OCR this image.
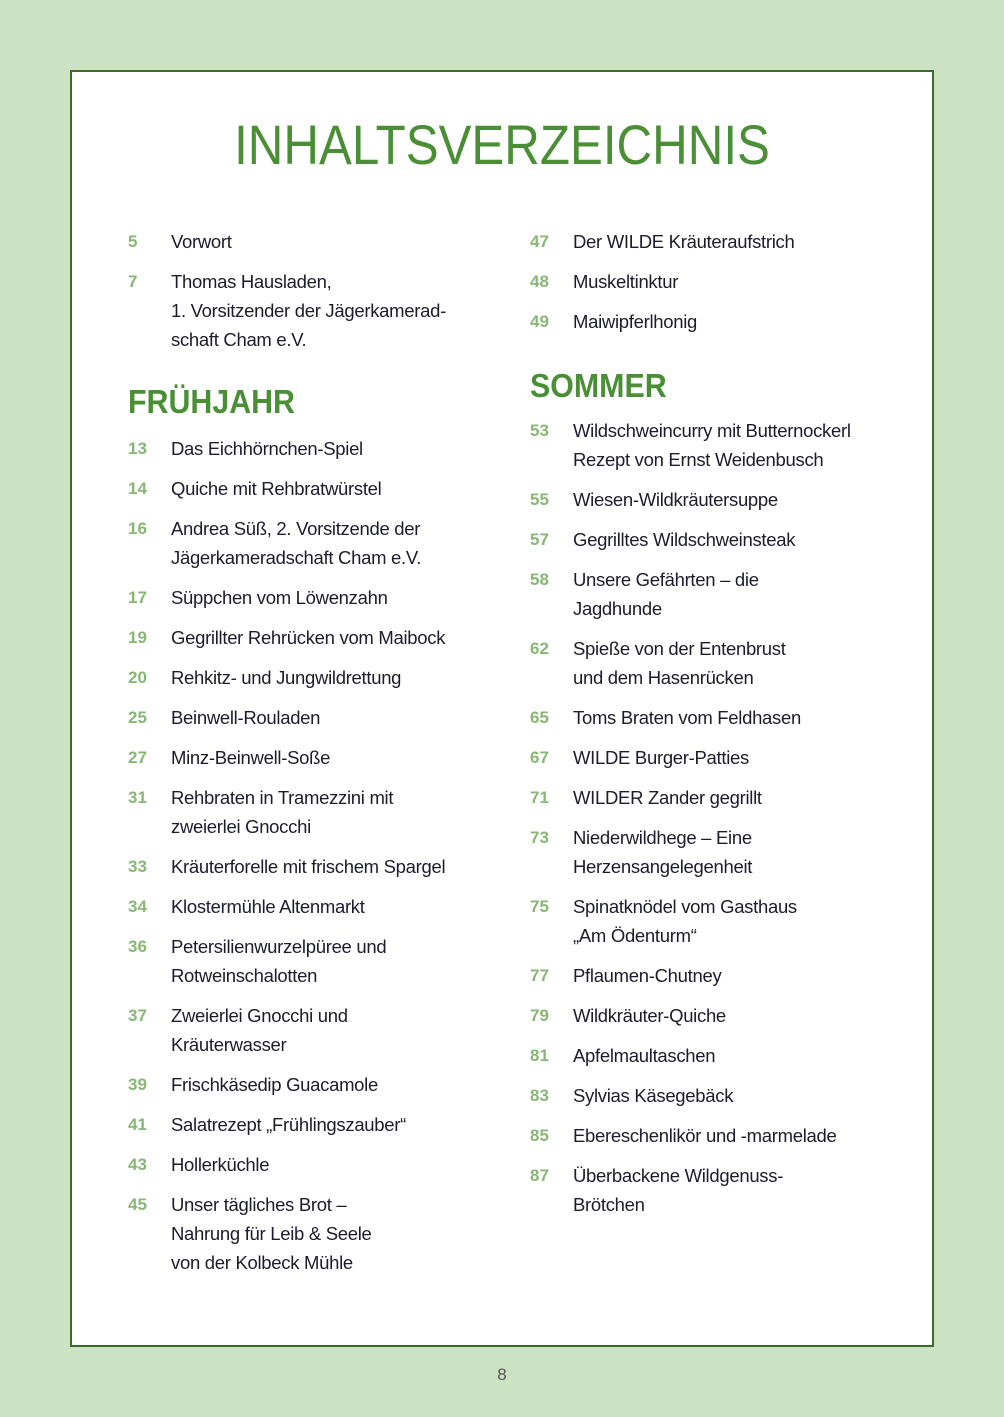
INHALTSVERZEICHNIS
5	Vorwort
7	Thomas Hausladen,
1. Vorsitzender der Jägerkamerad-
schaft Cham e.V.
FRÜHJAHR
13	Das Eichhörnchen-Spiel
14	Quiche mit Rehbratwürstel
16	Andrea Süß, 2. Vorsitzende der
Jägerkameradschaft Cham e.V.
17	Süppchen vom Löwenzahn
19	Gegrillter Rehrücken vom Maibock
20	Rehkitz- und Jungwildrettung
25	Beinwell-Rouladen
27	Minz-Beinwell-Soße
31	Rehbraten in Tramezzini mit
zweierlei Gnocchi
33	Kräuterforelle mit frischem Spargel
34	Klostermühle Altenmarkt
36	Petersilienwurzelpüree und
Rotweinschalotten
37	Zweierlei Gnocchi und
Kräuterwasser
39	Frischkäsedip Guacamole
41	Salatrezept „Frühlingszauber“
43	Hollerküchle
45	Unser tägliches Brot –
Nahrung für Leib & Seele
von der Kolbeck Mühle
47	Der WILDE Kräuteraufstrich
48	Muskeltinktur
49	Maiwipferlhonig
SOMMER
53	Wildschweincurry mit Butternockerl
Rezept von Ernst Weidenbusch
55	Wiesen-Wildkräutersuppe
57	Gegrilltes Wildschweinsteak
58	Unsere Gefährten – die
Jagdhunde
62	Spieße von der Entenbrust
und dem Hasenrücken
65	Toms Braten vom Feldhasen
67	WILDE Burger-Patties
71	WILDER Zander gegrillt
73	Niederwildhege – Eine
Herzensangelegenheit
75	Spinatknödel vom Gasthaus
„Am Ödenturm“
77	Pflaumen-Chutney
79	Wildkräuter-Quiche
81	Apfelmaultaschen
83	Sylvias Käsegebäck
85	Ebereschenlikör und -marmelade
87	Überbackene Wildgenuss-
Brötchen
8
